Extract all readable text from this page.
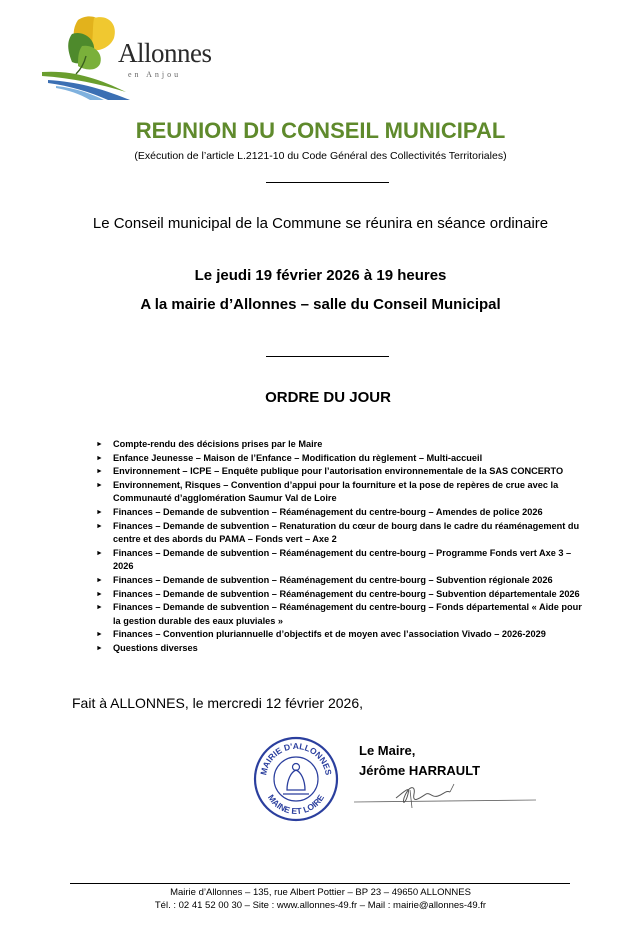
Allonnes
en Anjou
REUNION DU CONSEIL MUNICIPAL
(Exécution de l’article L.2121-10 du Code Général des Collectivités Territoriales)
Le Conseil municipal de la Commune se réunira en séance ordinaire
Le jeudi 19 février 2026 à 19 heures
A la mairie d’Allonnes – salle du Conseil Municipal
ORDRE DU JOUR
► Compte-rendu des décisions prises par le Maire
► Enfance Jeunesse – Maison de l’Enfance – Modification du règlement – Multi-accueil
► Environnement – ICPE – Enquête publique pour l’autorisation environnementale de la SAS CONCERTO
► Environnement, Risques – Convention d’appui pour la fourniture et la pose de repères de crue avec la Communauté d’agglomération Saumur Val de Loire
► Finances – Demande de subvention – Réaménagement du centre-bourg – Amendes de police 2026
► Finances – Demande de subvention – Renaturation du cœur de bourg dans le cadre du réaménagement du centre et des abords du PAMA – Fonds vert – Axe 2
► Finances – Demande de subvention – Réaménagement du centre-bourg – Programme Fonds vert Axe 3 – 2026
► Finances – Demande de subvention – Réaménagement du centre-bourg – Subvention régionale 2026
► Finances – Demande de subvention – Réaménagement du centre-bourg – Subvention départementale 2026
► Finances – Demande de subvention – Réaménagement du centre-bourg – Fonds départemental « Aide pour la gestion durable des eaux pluviales »
► Finances – Convention pluriannuelle d’objectifs et de moyen avec l’association Vivado – 2026-2029
► Questions diverses
Fait à ALLONNES, le mercredi 12 février 2026,
MAIRIE D'ALLONNES
MAINE ET LOIRE
Le Maire,
Jérôme HARRAULT
Mairie d’Allonnes – 135, rue Albert Pottier – BP 23 – 49650 ALLONNES
Tél. : 02 41 52 00 30 – Site : www.allonnes-49.fr – Mail : mairie@allonnes-49.fr
